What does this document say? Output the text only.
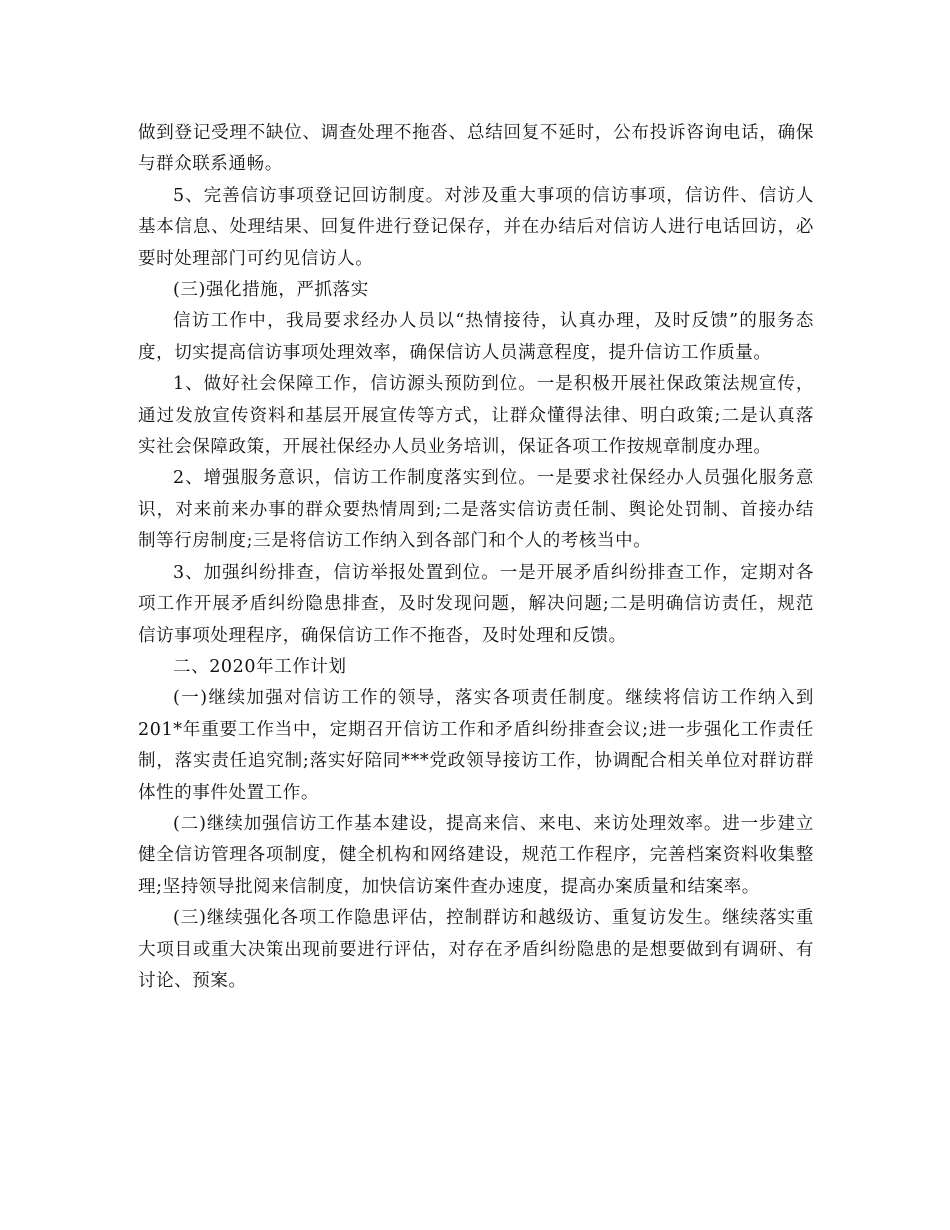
做到登记受理不缺位、调查处理不拖沓、总结回复不延时，公布投诉咨询电话，确保与群众联系通畅。

5、完善信访事项登记回访制度。对涉及重大事项的信访事项，信访件、信访人基本信息、处理结果、回复件进行登记保存，并在办结后对信访人进行电话回访，必要时处理部门可约见信访人。

(三)强化措施，严抓落实

信访工作中，我局要求经办人员以“热情接待，认真办理，及时反馈”的服务态度，切实提高信访事项处理效率，确保信访人员满意程度，提升信访工作质量。

1、做好社会保障工作，信访源头预防到位。一是积极开展社保政策法规宣传，通过发放宣传资料和基层开展宣传等方式，让群众懂得法律、明白政策;二是认真落实社会保障政策，开展社保经办人员业务培训，保证各项工作按规章制度办理。

2、增强服务意识，信访工作制度落实到位。一是要求社保经办人员强化服务意识，对来前来办事的群众要热情周到;二是落实信访责任制、舆论处罚制、首接办结制等行房制度;三是将信访工作纳入到各部门和个人的考核当中。

3、加强纠纷排查，信访举报处置到位。一是开展矛盾纠纷排查工作，定期对各项工作开展矛盾纠纷隐患排查，及时发现问题，解决问题;二是明确信访责任，规范信访事项处理程序，确保信访工作不拖沓，及时处理和反馈。

二、2020年工作计划

(一)继续加强对信访工作的领导，落实各项责任制度。继续将信访工作纳入到201*年重要工作当中，定期召开信访工作和矛盾纠纷排查会议;进一步强化工作责任制，落实责任追究制;落实好陪同***党政领导接访工作，协调配合相关单位对群访群体性的事件处置工作。

(二)继续加强信访工作基本建设，提高来信、来电、来访处理效率。进一步建立健全信访管理各项制度，健全机构和网络建设，规范工作程序，完善档案资料收集整理;坚持领导批阅来信制度，加快信访案件查办速度，提高办案质量和结案率。

(三)继续强化各项工作隐患评估，控制群访和越级访、重复访发生。继续落实重大项目或重大决策出现前要进行评估，对存在矛盾纠纷隐患的是想要做到有调研、有讨论、预案。
